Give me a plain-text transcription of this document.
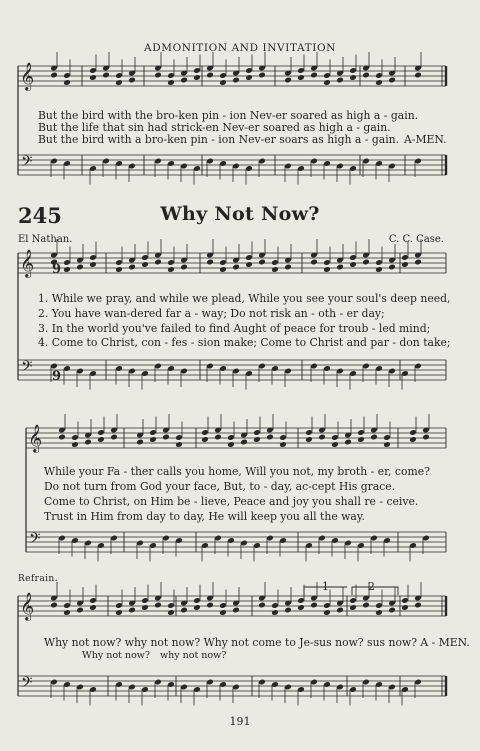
𝄞
𝄢
𝄞
𝄢
𝄞
𝄢
𝄞
𝄢
9
9
ADMONITION AND INVITATION
But the bird with the bro-ken pin - ion Nev-er soared as high a - gain.
But the life that sin had strick-en Nev-er soared as high a - gain.
But the bird with a bro-ken pin - ion Nev-er soars as high a - gain. A-MEN.
245	Why Not Now?
El Nathan.	C. C. Case.
1. While we pray, and while we plead, While you see your soul's deep need,
2. You have wan-dered far a - way; Do not risk an - oth - er day;
3. In the world you've failed to find Aught of peace for troub - led mind;
4. Come to Christ, con - fes - sion make; Come to Christ and par - don take;
While your Fa - ther calls you home, Will you not, my broth - er, come?
Do not turn from God your face, But, to - day, ac-cept His grace.
Come to Christ, on Him be - lieve, Peace and joy you shall re - ceive.
Trust in Him from day to day, He will keep you all the way.
Refrain.
1	2
Why not now? why not now? Why not come to Je-sus now? sus now? A - MEN.
Why not now? why not now?
191
